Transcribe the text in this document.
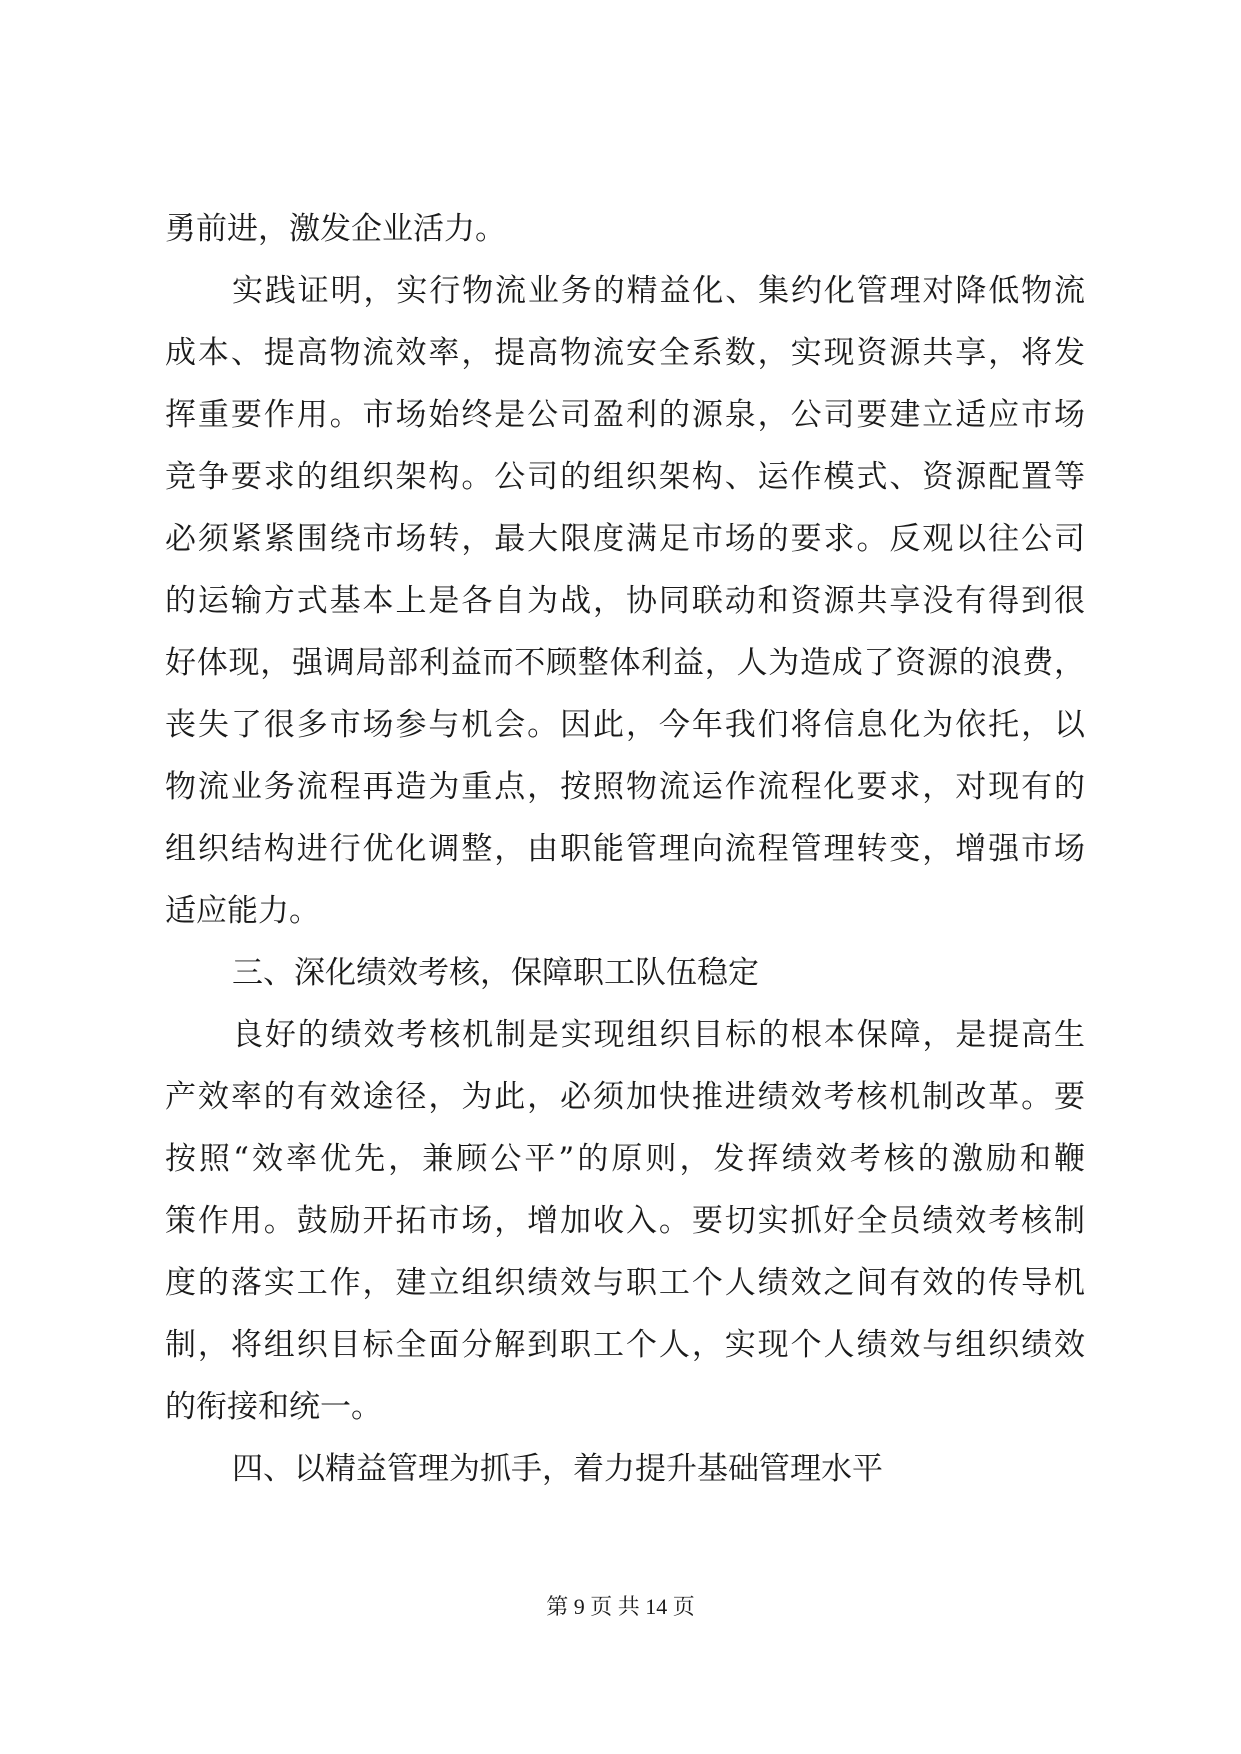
勇前进，激发企业活力。
实践证明，实行物流业务的精益化、集约化管理对降低物流
成本、提高物流效率，提高物流安全系数，实现资源共享，将发
挥重要作用。市场始终是公司盈利的源泉，公司要建立适应市场
竞争要求的组织架构。公司的组织架构、运作模式、资源配置等
必须紧紧围绕市场转，最大限度满足市场的要求。反观以往公司
的运输方式基本上是各自为战，协同联动和资源共享没有得到很
好体现，强调局部利益而不顾整体利益，人为造成了资源的浪费，
丧失了很多市场参与机会。因此，今年我们将信息化为依托，以
物流业务流程再造为重点，按照物流运作流程化要求，对现有的
组织结构进行优化调整，由职能管理向流程管理转变，增强市场
适应能力。
三、深化绩效考核，保障职工队伍稳定
良好的绩效考核机制是实现组织目标的根本保障，是提高生
产效率的有效途径，为此，必须加快推进绩效考核机制改革。要
按照“效率优先，兼顾公平”的原则，发挥绩效考核的激励和鞭
策作用。鼓励开拓市场，增加收入。要切实抓好全员绩效考核制
度的落实工作，建立组织绩效与职工个人绩效之间有效的传导机
制，将组织目标全面分解到职工个人，实现个人绩效与组织绩效
的衔接和统一。
四、以精益管理为抓手，着力提升基础管理水平
第 9 页 共 14 页
